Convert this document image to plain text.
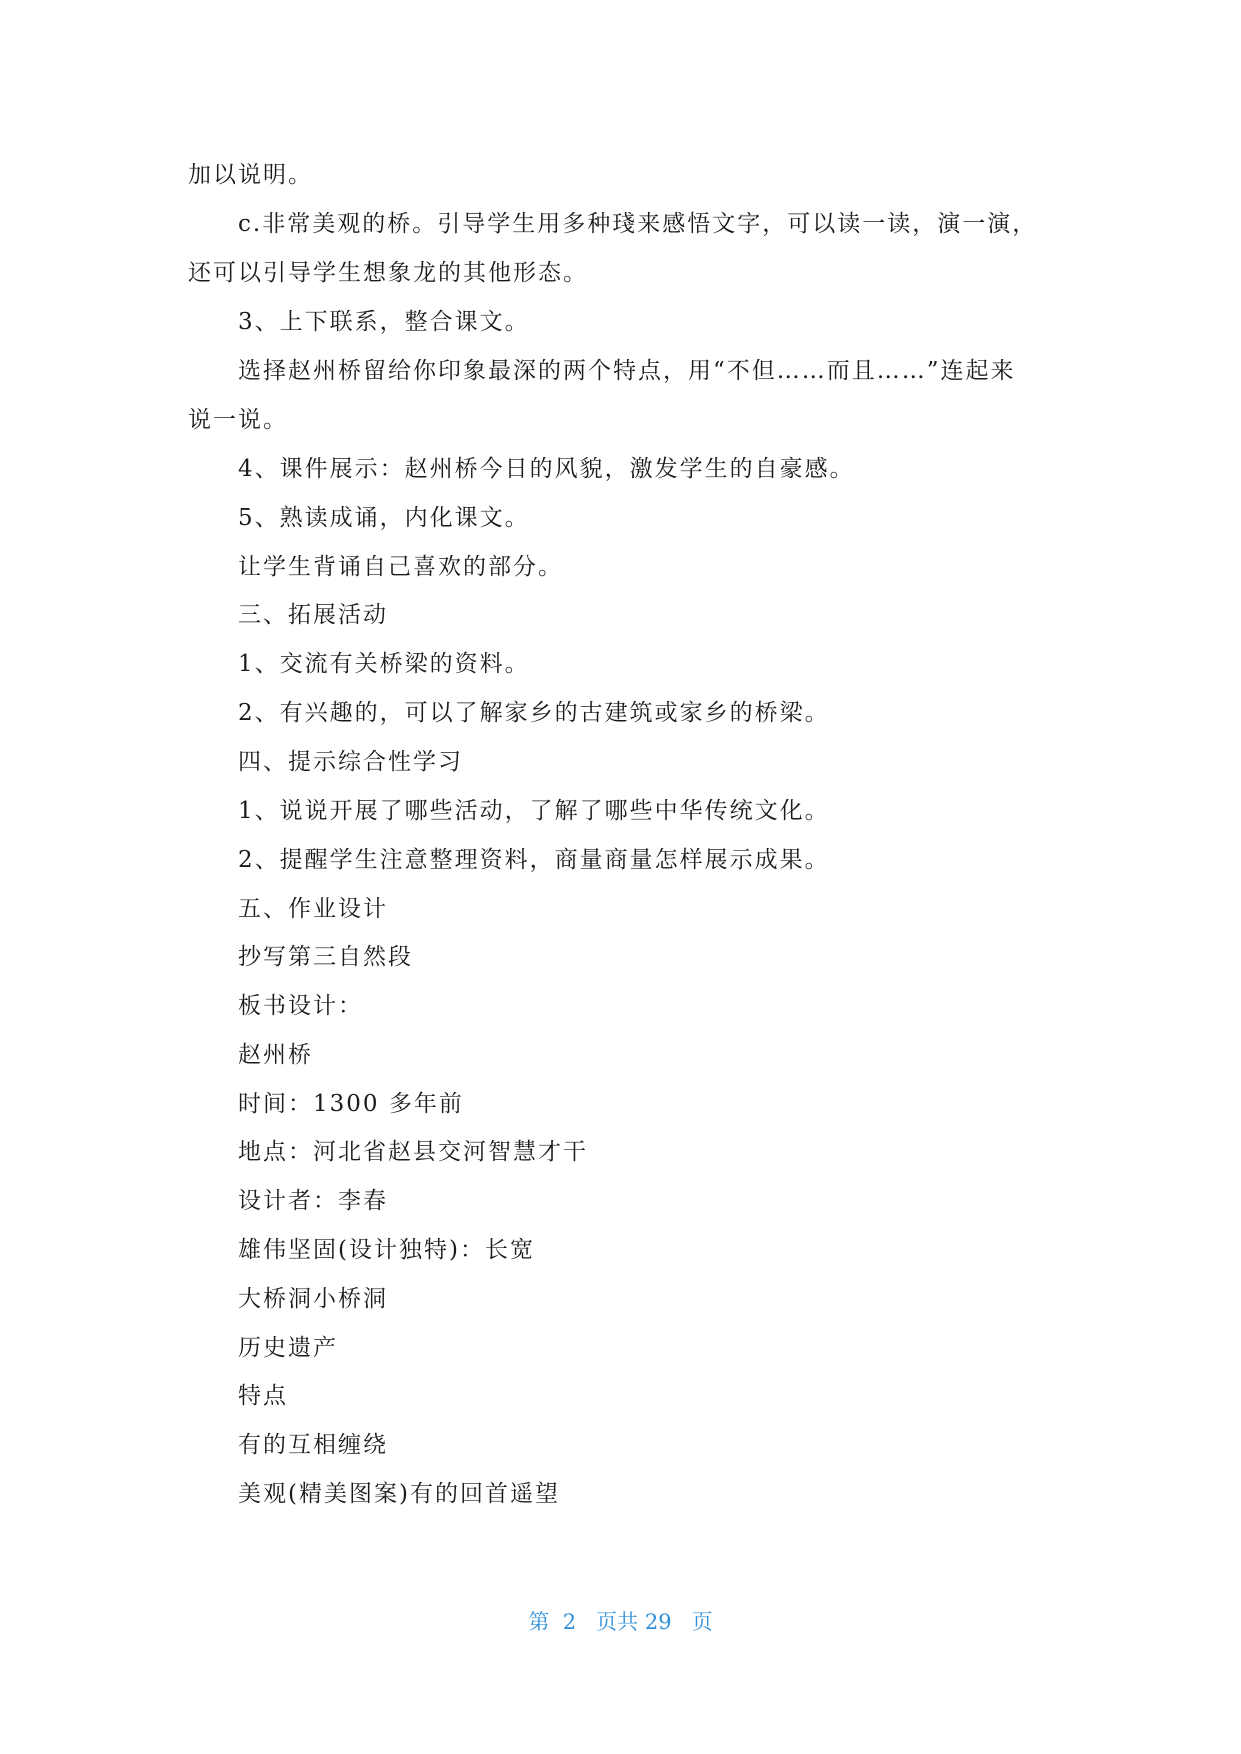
加以说明。
c.非常美观的桥。引导学生用多种琖来感悟文字，可以读一读，演一演，
还可以引导学生想象龙的其他形态。
3、上下联系，整合课文。
选择赵州桥留给你印象最深的两个特点，用“不但……而且……”连起来
说一说。
4、课件展示：赵州桥今日的风貌，激发学生的自豪感。
5、熟读成诵，内化课文。
让学生背诵自己喜欢的部分。
三、拓展活动
1、交流有关桥梁的资料。
2、有兴趣的，可以了解家乡的古建筑或家乡的桥梁。
四、提示综合性学习
1、说说开展了哪些活动，了解了哪些中华传统文化。
2、提醒学生注意整理资料，商量商量怎样展示成果。
五、作业设计
抄写第三自然段
板书设计：
赵州桥
时间：1300 多年前
地点：河北省赵县交河智慧才干
设计者：李春
雄伟坚固(设计独特)：长宽
大桥洞小桥洞
历史遗产
特点
有的互相缠绕
美观(精美图案)有的回首遥望
第 2 页共 29 页
